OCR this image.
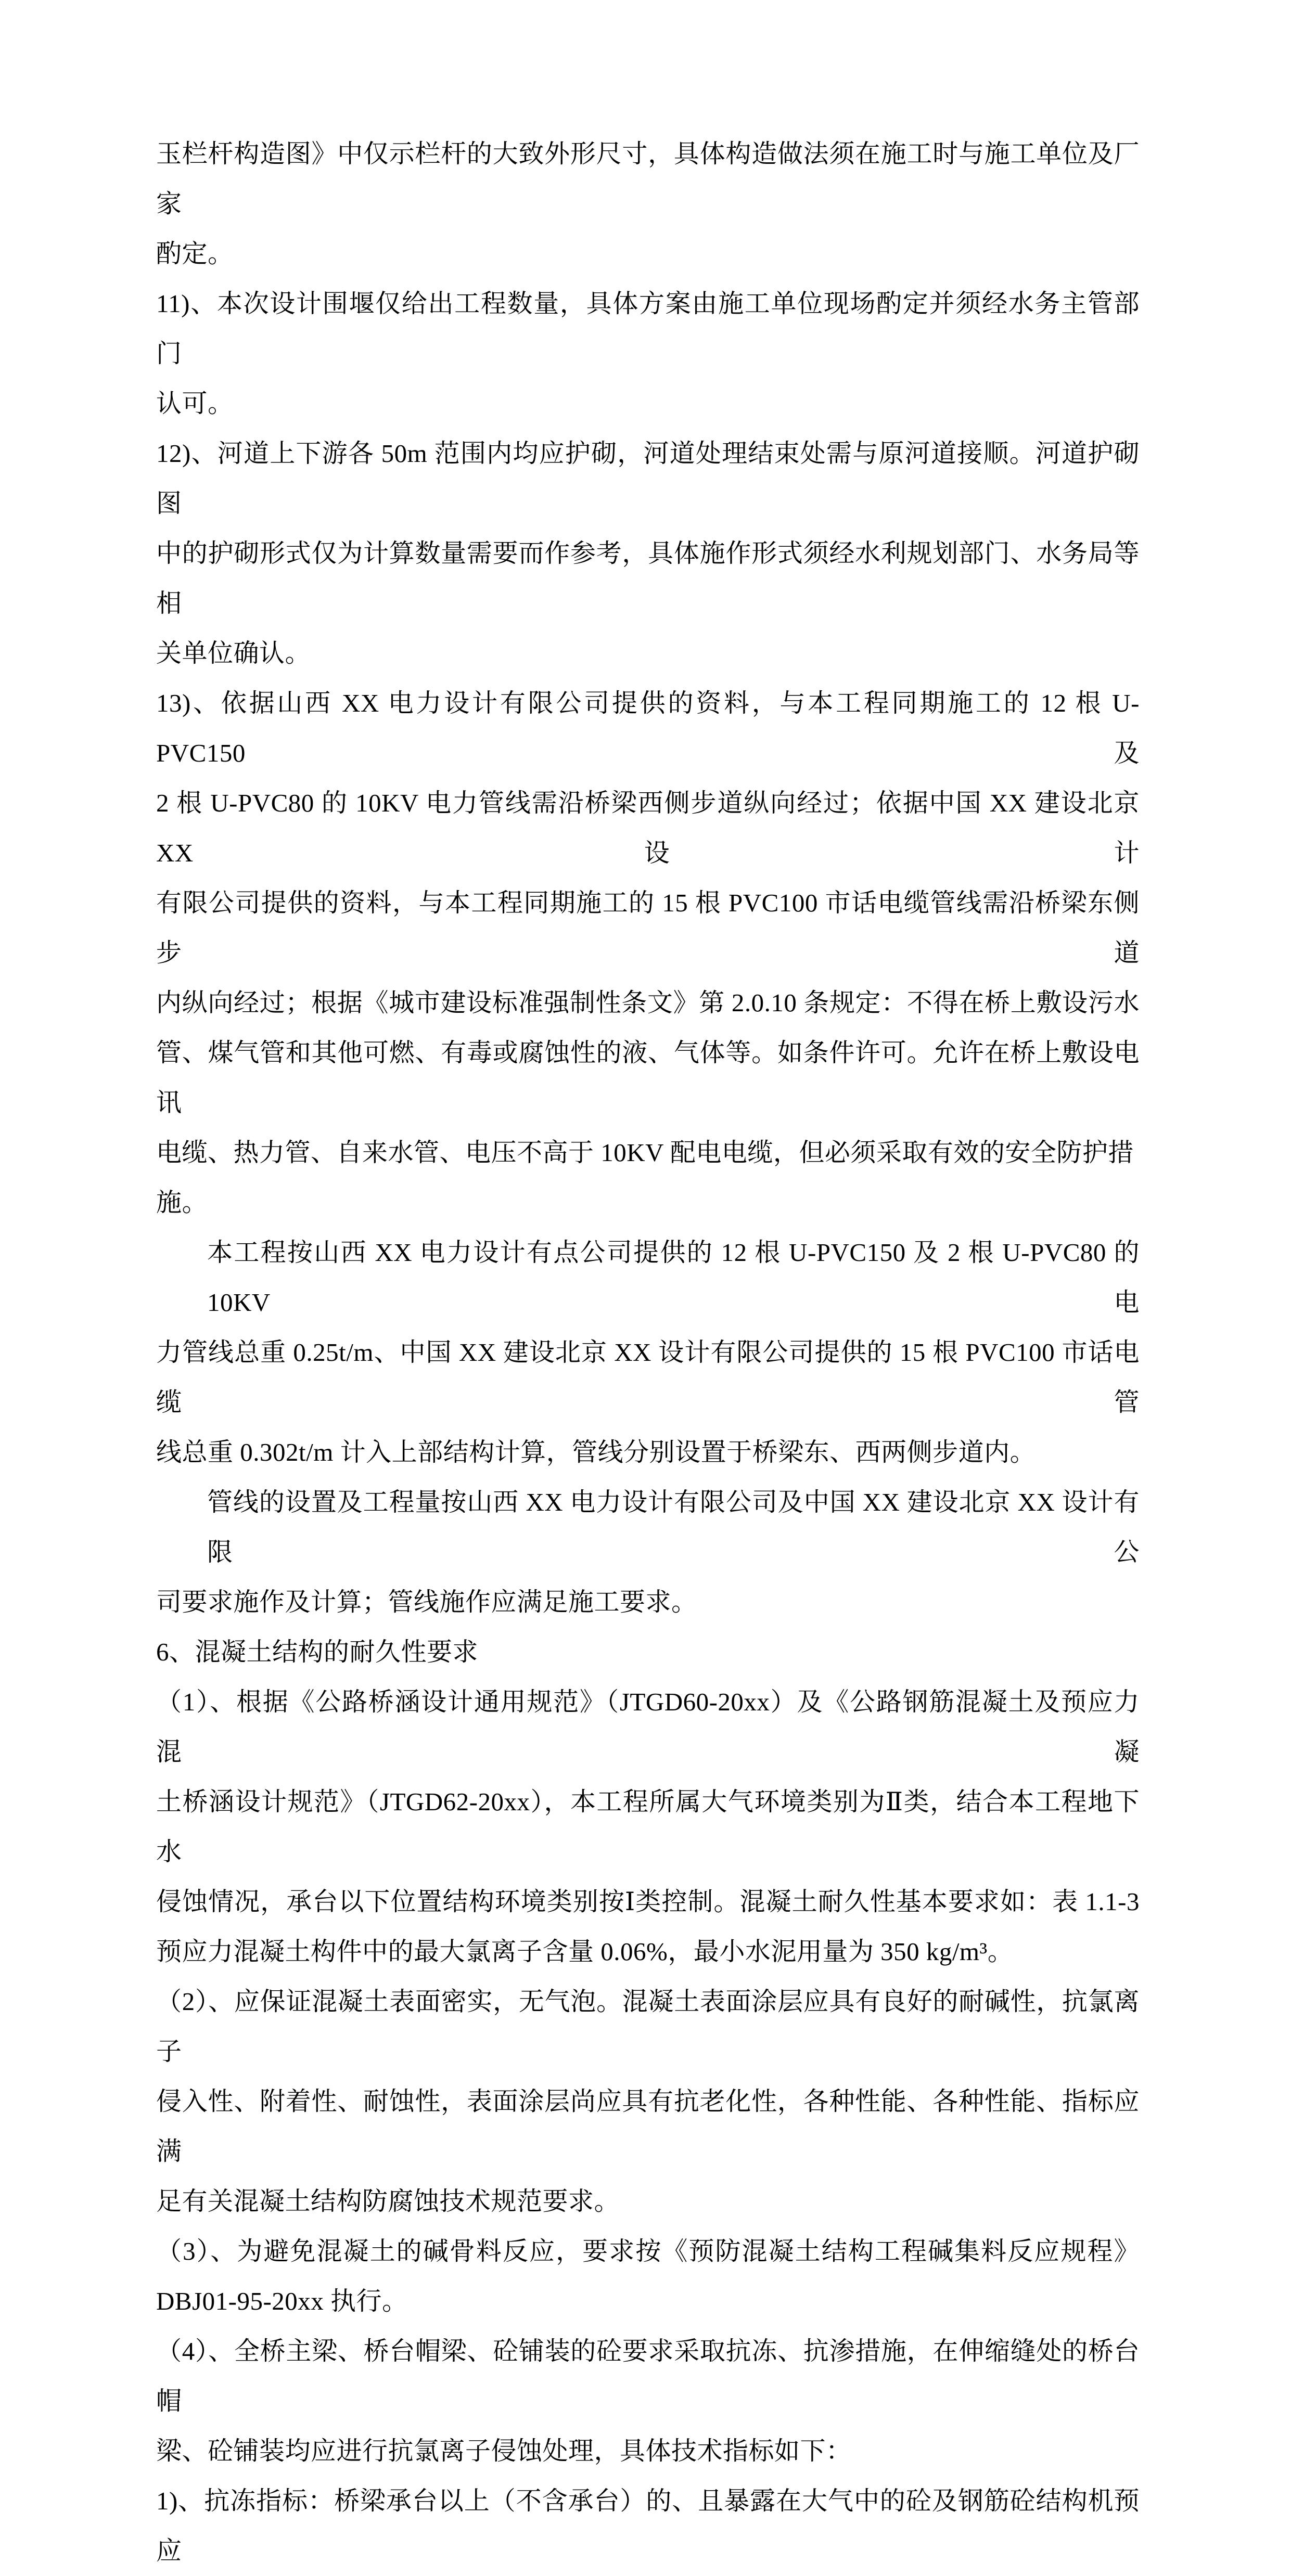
玉栏杆构造图》中仅示栏杆的大致外形尺寸，具体构造做法须在施工时与施工单位及厂家
酌定。
11)、本次设计围堰仅给出工程数量，具体方案由施工单位现场酌定并须经水务主管部门
认可。
12)、河道上下游各 50m 范围内均应护砌，河道处理结束处需与原河道接顺。河道护砌图
中的护砌形式仅为计算数量需要而作参考，具体施作形式须经水利规划部门、水务局等相
关单位确认。
13)、依据山西 XX 电力设计有限公司提供的资料，与本工程同期施工的 12 根 U-PVC150 及
2 根 U-PVC80 的 10KV 电力管线需沿桥梁西侧步道纵向经过；依据中国 XX 建设北京 XX 设计
有限公司提供的资料，与本工程同期施工的 15 根 PVC100 市话电缆管线需沿桥梁东侧步道
内纵向经过；根据《城市建设标准强制性条文》第 2.0.10 条规定：不得在桥上敷设污水
管、煤气管和其他可燃、有毒或腐蚀性的液、气体等。如条件许可。允许在桥上敷设电讯
电缆、热力管、自来水管、电压不高于 10KV 配电电缆，但必须采取有效的安全防护措施。
本工程按山西 XX 电力设计有点公司提供的 12 根 U-PVC150 及 2 根 U-PVC80 的 10KV 电
力管线总重 0.25t/m、中国 XX 建设北京 XX 设计有限公司提供的 15 根 PVC100 市话电缆管
线总重 0.302t/m 计入上部结构计算，管线分别设置于桥梁东、西两侧步道内。
管线的设置及工程量按山西 XX 电力设计有限公司及中国 XX 建设北京 XX 设计有限公
司要求施作及计算；管线施作应满足施工要求。
6、混凝土结构的耐久性要求
（1）、根据《公路桥涵设计通用规范》（JTGD60-20xx）及《公路钢筋混凝土及预应力混凝
土桥涵设计规范》（JTGD62-20xx），本工程所属大气环境类别为Ⅱ类，结合本工程地下水
侵蚀情况，承台以下位置结构环境类别按Ⅰ类控制。混凝土耐久性基本要求如：表 1.1-3
预应力混凝土构件中的最大氯离子含量 0.06%，最小水泥用量为 350 kg/m³。
（2）、应保证混凝土表面密实，无气泡。混凝土表面涂层应具有良好的耐碱性，抗氯离子
侵入性、附着性、耐蚀性，表面涂层尚应具有抗老化性，各种性能、各种性能、指标应满
足有关混凝土结构防腐蚀技术规范要求。
（3）、为避免混凝土的碱骨料反应，要求按《预防混凝土结构工程碱集料反应规程》
DBJ01-95-20xx 执行。
（4）、全桥主梁、桥台帽梁、砼铺装的砼要求采取抗冻、抗渗措施，在伸缩缝处的桥台帽
梁、砼铺装均应进行抗氯离子侵蚀处理，具体技术指标如下：
1)、抗冻指标：桥梁承台以上（不含承台）的、且暴露在大气中的砼及钢筋砼结构机预应
